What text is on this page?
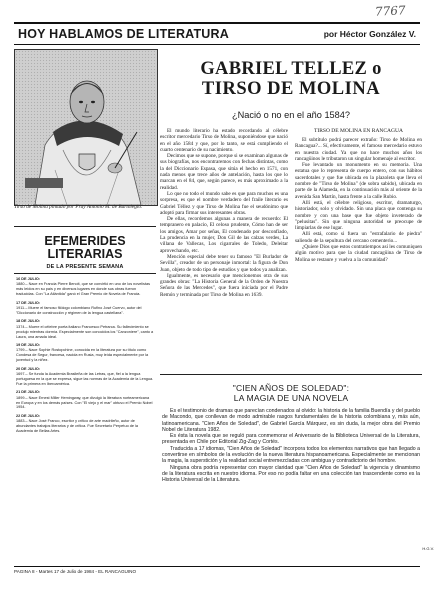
7767
HOY HABLAMOS DE LITERATURA	por Héctor González V.
Tirso de Molina pintado por Fray Antonio M. de Bartolegio.
EFEMERIDES
LITERARIAS
DE LA PRESENTE SEMANA
16 DE JULIO:
1880.– Nace en Francia Pierre Benoit, que se convirtió en uno de los novelistas más leídos en su país y en diversos lugares en donde sus obras fueron traducidas. Con "La Atlántida" ganó el Gran Premio de Novela de Francia.
17 DE JULIO:
1911.– Muere el famoso filólogo colombiano Rufino José Cuervo, autor del "Diccionario de construcción y régimen de la lengua castellana".
18 DE JULIO:
1374.– Muere el célebre poeta italiano Francesco Petrarca. Su fallecimiento se produjo mientras dormía. Especialmente son conocidos los "Canzoniere", canto a Laura, una amada ideal.
19 DE JULIO:
1799.– Nace Sophie Rostopchine, conocida en la literatura por su título como Condesa de Segur, francesa, nacida en Rusia, muy leída especialmente por la juventud y la niñez.
20 DE JULIO:
1697.– Se funda la Academia Brasileña de las Letras, que, fiel a la lengua portuguesa en la que se expresa, sigue las normas de la Academia de la Lengua. Fue la primera en Iberoamérica.
21 DE JULIO:
1899.– Nace Ernest Miller Hemingway, que divulgó la literatura norteamericana en Europa y en los demás países. Con "El viejo y el mar" obtuvo el Premio Nobel 1954.
22 DE JULIO:
1883.– Nace José Franco, escritor y crítico de arte madrileño, autor de abundantes trabajos literarios y de crítica. Fue Secretario Perpetuo de la Academia de Bellas Artes.
H.G.V.
GABRIEL TELLEZ o
TIRSO DE MOLINA
¿Nació o no en el año 1584?

El mundo literario ha estado recordando al célebre escritor mercedario Tirso de Molina, suponiéndose que nació en el año 1584 y que, por lo tanto, se está cumpliendo el cuarto centenario de su nacimiento.

Decimos que se supone, porque si se examinan algunas de sus biografías, nos encontraremos con fechas distintas, como la del Diccionario Espasa, que sitúa el hecho en 1571, con nada menos que trece años de antelación, hasta los que lo marcan en el 84, que, según parece, es más aproximado a la realidad.

Lo que no todo el mundo sabe es que para muchos es una sorpresa, es que el nombre verdadero del fraile literario es Gabriel Téllez y que Tirso de Molina fue el seudónimo que adoptó para firmar sus interesantes obras.

De ellas, recordemos algunas a manera de recuerdo: El tempranero en palacio, El celoso prudente, Cómo han de ser los amigos, Amar por señas, El condenado por desconfiado, La prudencia en la mujer, Don Gil de las calzas verdes, La villana de Vallecas, Los cigarrales de Toledo, Deleitar aprovechando, etc.

Mención especial debe tener su famoso "El Burlador de Sevilla", creador de un personaje inmortal: la figura de Don Juan, objeto de todo tipo de estudios y que todos ya analizan.

Igualmente, es necesario que mencionemos otra de sus grandes obras: "La Historia General de la Orden de Nuestra Señora de las Mercedes", que fuera iniciada por el Padre Remón y terminada por Tirso de Molina en 1639.

TIRSO DE MOLINA EN RANCAGUA

El subtítulo podrá parecer extraño: Tirso de Molina en Rancagua?... Sí, efectivamente, el famoso mercedario estuvo en nuestra ciudad. Ya que no hace muchos años los rancagüinos le tributaron un singular homenaje al escritor.

Fue levantado un monumento en su memoria. Una estatua que lo representa de cuerpo entero, con sus hábitos sacerdotales y que fue ubicada en la plazoleta que lleva el nombre de "Tirso de Molina" (de sobra sabido), ubicada en parte de la Alameda, en la continuación más al oriente de la avenida San Martín, hasta frente a la calle Rubio.

Allí está, el célebre religioso, escritor, dramaturgo, historiador, solo y olvidado. Sin una placa que contenga su nombre y con una base que fue objeto inveterado de "pelusitas". Sin que ninguna autoridad se preocupe de limpiarlas de ese lugar.

Allí está, como si fuera un "estrafalario de piedra" saliendo de la sepultura del cercano cementerio...

¿Quiere Dios que estos contratiempos así les comuniquen algún motivo para que la ciudad rancagüina de Tirso de Molina se restaure y vuelva a la comunidad?

"CIEN AÑOS DE SOLEDAD":
LA MAGIA DE UNA NOVELA

Es el testimonio de dramas que parecían condenados al olvido: la historia de la familia Buendía y del pueblo de Macondo, que conllevan de modo admirable rasgos fundamentales de la historia colombiana y, más aún, latinoamericana. "Cien Años de Soledad", de Gabriel García Márquez, es sin duda, la mejor obra del Premio Nobel de Literatura 1982.

Es ésta la novela que se reguló para conmemorar el Aniversario de la Biblioteca Universal de la Literatura, presentada en Chile por Editorial Zig-Zag y Cortés.

Traducida a 17 idiomas, "Cien Años de Soledad" incorpora todos los elementos narrativos que han llegado a convertirse en símbolos de la evolución de la nueva literatura hispanoamericana. Especialmente se mencionan la magia, la superstición y la realidad social entremezcladas con ambigua y contradictorio del hombre.

Ninguna obra podría representar con mayor claridad que "Cien Años de Soledad" la vigencia y dinamismo de la literatura escrita en nuestro idioma. Por eso no podía faltar en una colección tan trascendente como es la Historia Universal de la Literatura.

PAGINA 8 - Martes 17 de Julio de 1984 - EL RANCAGUINO
